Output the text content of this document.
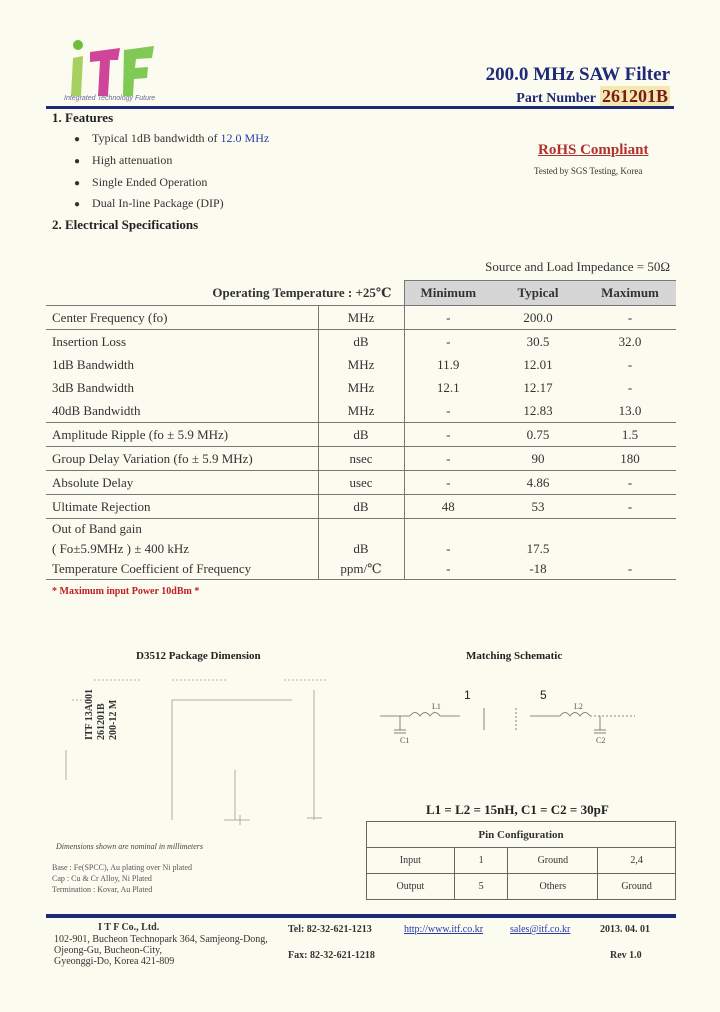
Integrated Technology Future
200.0 MHz SAW Filter
Part Number 261201B
1. Features
● Typical 1dB bandwidth of 12.0 MHz
● High attenuation
● Single Ended Operation
● Dual In-line Package (DIP)
RoHS Compliant
Tested by SGS Testing, Korea
2. Electrical Specifications
Source and Load Impedance = 50Ω
Operating Temperature : +25℃		Minimum	Typical	Maximum
Center Frequency (fo)	MHz	-	200.0	-
Insertion Loss	dB	-	30.5	32.0
1dB Bandwidth	MHz	11.9	12.01	-
3dB Bandwidth	MHz	12.1	12.17	-
40dB Bandwidth	MHz	-	12.83	13.0
Amplitude Ripple (fo ± 5.9 MHz)	dB	-	0.75	1.5
Group Delay Variation (fo ± 5.9 MHz)	nsec	-	90	180
Absolute Delay	usec	-	4.86	-
Ultimate Rejection	dB	48	53	-
Out of Band gain				
( Fo±5.9MHz ) ± 400 kHz	dB	-	17.5	
Temperature Coefficient of Frequency	ppm/℃	-	-18	-
* Maximum input Power 10dBm *
D3512 Package Dimension
ITF 13A001 261201B 200-12 M
Dimensions shown are nominal in millimeters
Base : Fe(SPCC), Au plating over Ni plated
Cap : Cu & Cr Alloy, Ni Plated
Termination : Kovar, Au Plated
Matching Schematic
1	5
L1	L2
C1	C2
L1 = L2 = 15nH, C1 = C2 = 30pF
Pin Configuration			
Input	1	Ground	2,4
Output	5	Others	Ground
I T F Co., Ltd.
102-901, Bucheon Technopark 364, Samjeong-Dong,
Ojeong-Gu, Bucheon-City,
Gyeonggi-Do, Korea 421-809
Tel: 82-32-621-1213
Fax: 82-32-621-1218
http://www.itf.co.kr	sales@itf.co.kr	2013. 04. 01
Rev 1.0
